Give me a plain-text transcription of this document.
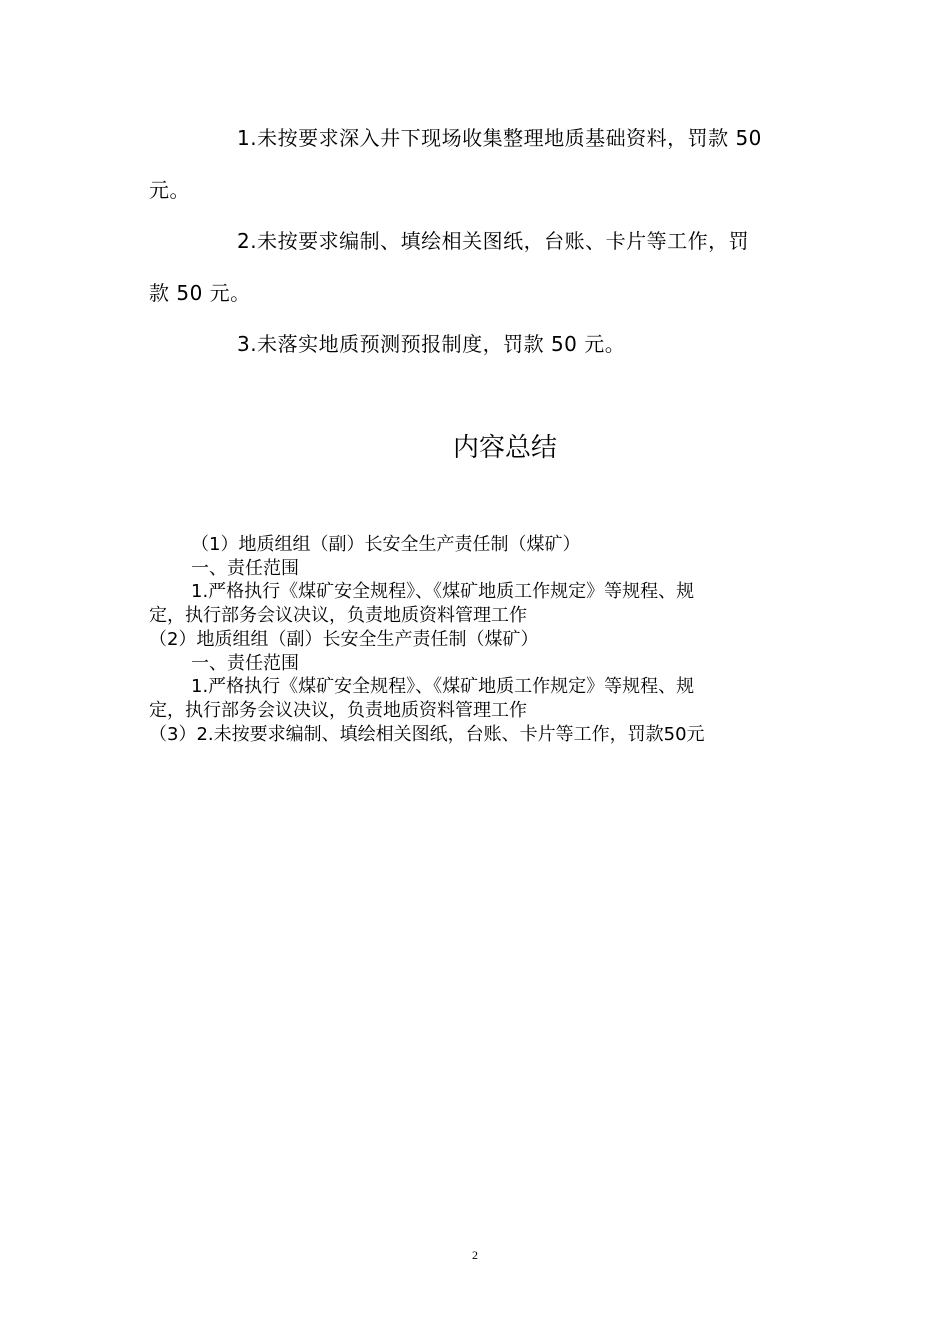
1.未按要求深入井下现场收集整理地质基础资料，罚款 50
元。
2.未按要求编制、填绘相关图纸，台账、卡片等工作，罚
款 50 元。
3.未落实地质预测预报制度，罚款 50 元。
内容总结
（1）地质组组（副）长安全生产责任制（煤矿）
一、责任范围
1.严格执行《煤矿安全规程》、《煤矿地质工作规定》等规程、规
定，执行部务会议决议，负责地质资料管理工作
（2）地质组组（副）长安全生产责任制（煤矿）
一、责任范围
1.严格执行《煤矿安全规程》、《煤矿地质工作规定》等规程、规
定，执行部务会议决议，负责地质资料管理工作
（3）2.未按要求编制、填绘相关图纸，台账、卡片等工作，罚款50元
2
